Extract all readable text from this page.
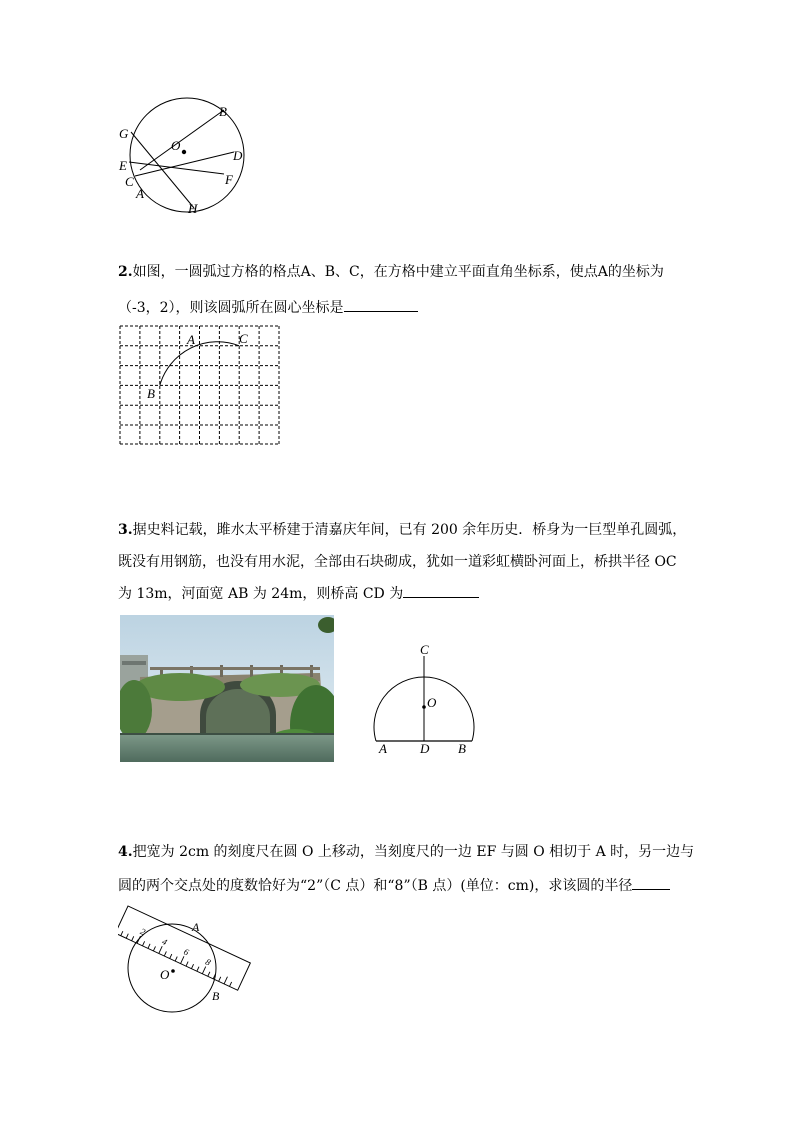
B
G
O
D
E
C	F
A
H
2.如图，一圆弧过方格的格点A、B、C，在方格中建立平面直角坐标系，使点A的坐标为
（-3，2），则该圆弧所在圆心坐标是
A	C
B
3.据史料记载，雎水太平桥建于清嘉庆年间，已有 200 余年历史．桥身为一巨型单孔圆弧，
既没有用钢筋，也没有用水泥，全部由石块砌成，犹如一道彩虹横卧河面上，桥拱半径 OC
为 13m，河面宽 AB 为 24m，则桥高 CD 为
C
O
A	D B
4.把宽为 2cm 的刻度尺在圆 O 上移动，当刻度尺的一边 EF 与圆 O 相切于 A 时，另一边与
圆的两个交点处的度数恰好为“2”（C 点）和“8”（B 点）(单位：cm)，求该圆的半径
2
4
6
8
A
O
B
